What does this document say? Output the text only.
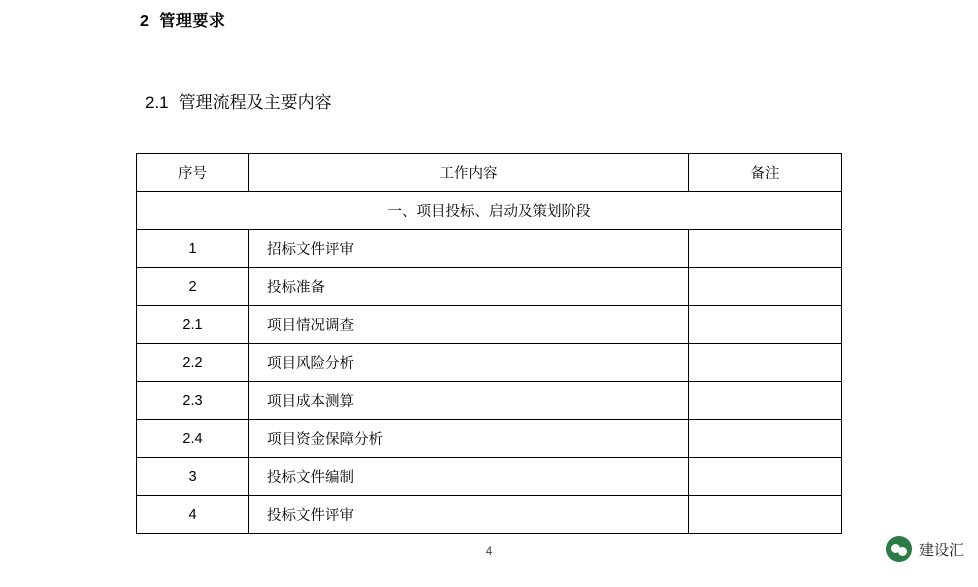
2 管理要求
2.1 管理流程及主要内容
序号	工作内容	备注
一、项目投标、启动及策划阶段		
1	招标文件评审	
2	投标准备	
2.1	项目情况调查	
2.2	项目风险分析	
2.3	项目成本测算	
2.4	项目资金保障分析	
3	投标文件编制	
4	投标文件评审	
4	建设汇
